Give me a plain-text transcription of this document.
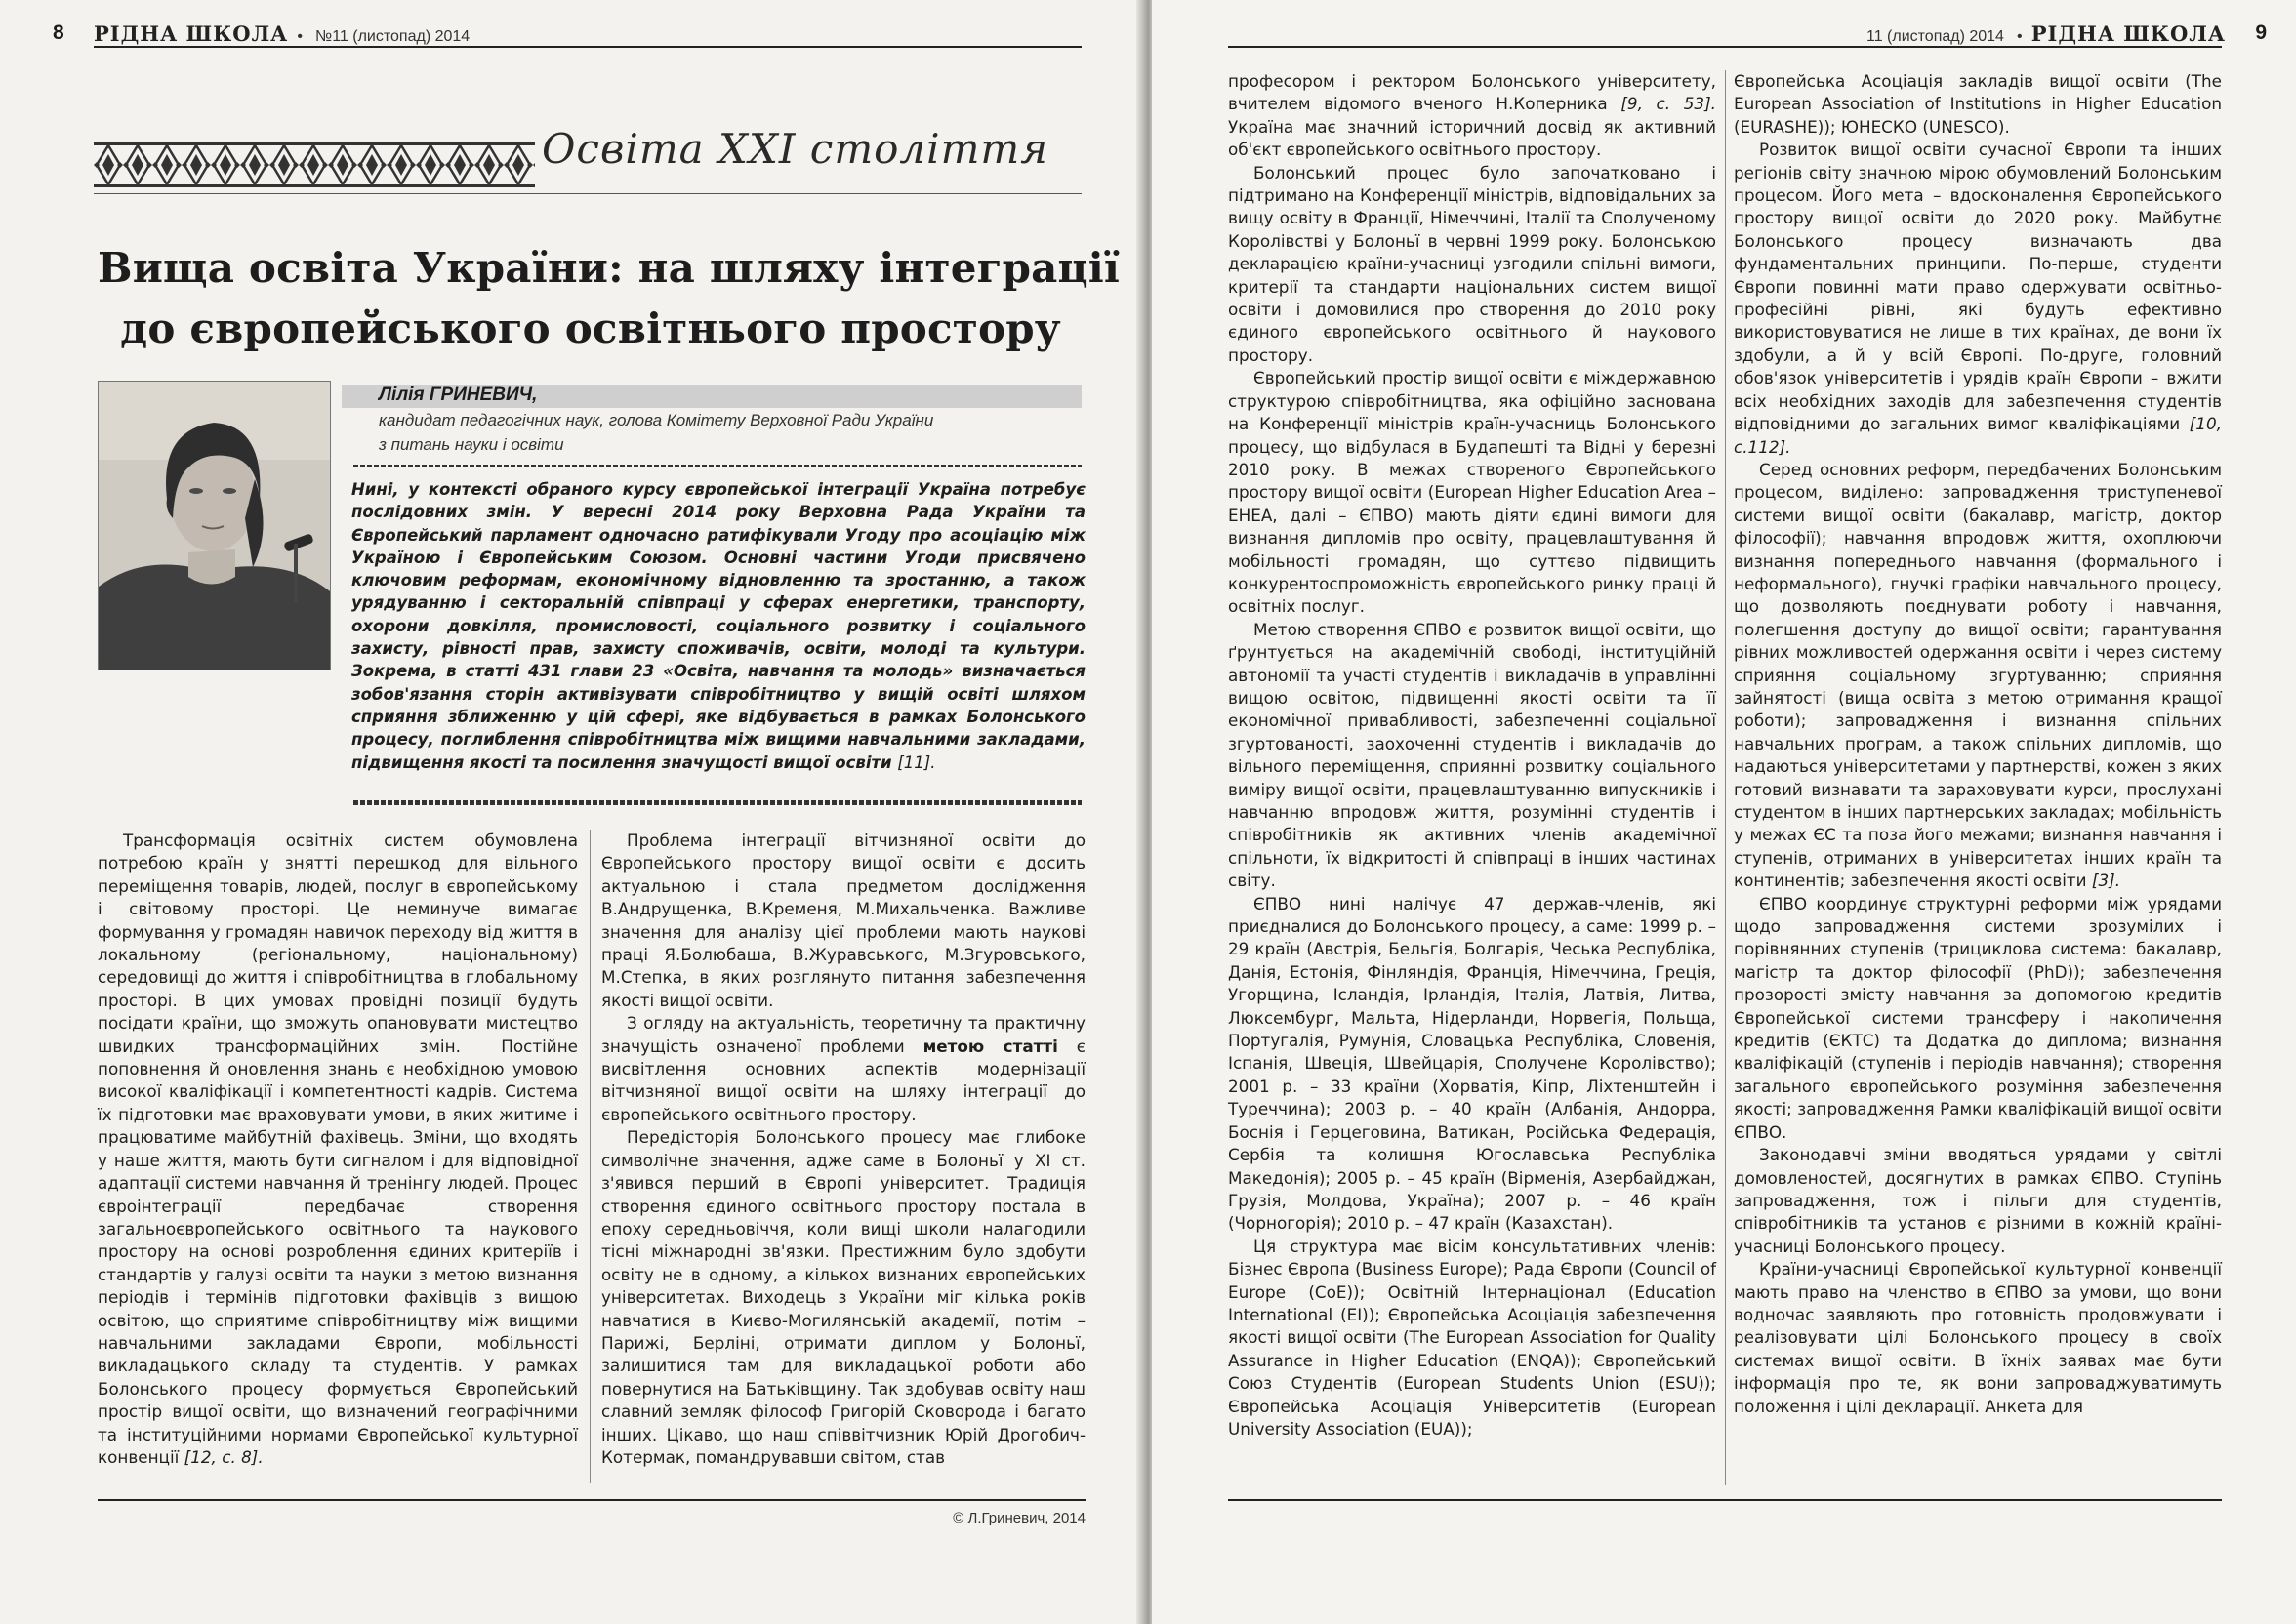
8 РІДНА ШКОЛА • №11 (листопад) 2014
Освіта ХХІ століття
Вища освіта України: на шляху інтеграції
до європейського освітнього простору
Лілія ГРИНЕВИЧ,
кандидат педагогічних наук, голова Комітету Верховної Ради України
з питань науки і освіти
Нині, у контексті обраного курсу європейської інтеграції Україна потребує послідовних змін. У вересні 2014 року Верховна Рада України та Європейський парламент одночасно ратифікували Угоду про асоціацію між Україною і Європейським Союзом. Основні частини Угоди присвячено ключовим реформам, економічному відновленню та зростанню, а також урядуванню і секторальній співпраці у сферах енергетики, транспорту, охорони довкілля, промисловості, соціального розвитку і соціального захисту, рівності прав, захисту споживачів, освіти, молоді та культури. Зокрема, в статті 431 глави 23 «Освіта, навчання та молодь» визначається зобов'язання сторін активізувати співробітництво у вищій освіті шляхом сприяння зближенню у цій сфері, яке відбувається в рамках Болонського процесу, поглиблення співробітництва між вищими навчальними закладами, підвищення якості та посилення значущості вищої освіти [11].

Трансформація освітніх систем обумовлена потребою країн у знятті перешкод для вільного переміщення товарів, людей, послуг в європейському і світовому просторі. Це неминуче вимагає формування у громадян навичок переходу від життя в локальному (регіональному, національному) середовищі до життя і співробітництва в глобальному просторі. В цих умовах провідні позиції будуть посідати країни, що зможуть опановувати мистецтво швидких трансформаційних змін. Постійне поповнення й оновлення знань є необхідною умовою високої кваліфікації і компетентності кадрів. Система їх підготовки має враховувати умови, в яких житиме і працюватиме майбутній фахівець. Зміни, що входять у наше життя, мають бути сигналом і для відповідної адаптації системи навчання й тренінгу людей. Процес євроінтеграції передбачає створення загальноєвропейського освітнього та наукового простору на основі розроблення єдиних критеріїв і стандартів у галузі освіти та науки з метою визнання періодів і термінів підготовки фахівців з вищою освітою, що сприятиме співробітництву між вищими навчальними закладами Європи, мобільності викладацького складу та студентів. У рамках Болонського процесу формується Європейський простір вищої освіти, що визначений географічними та інституційними нормами Європейської культурної конвенції [12, с. 8].

Проблема інтеграції вітчизняної освіти до Європейського простору вищої освіти є досить актуальною і стала предметом дослідження В.Андрущенка, В.Кременя, М.Михальченка. Важливе значення для аналізу цієї проблеми мають наукові праці Я.Болюбаша, В.Журавського, М.Згуровського, М.Степка, в яких розглянуто питання забезпечення якості вищої освіти.

З огляду на актуальність, теоретичну та практичну значущість означеної проблеми метою статті є висвітлення основних аспектів модернізації вітчизняної вищої освіти на шляху інтеграції до європейського освітнього простору.

Передісторія Болонського процесу має глибоке символічне значення, адже саме в Болоньї у ХІ ст. з'явився перший в Європі університет. Традиція створення єдиного освітнього простору постала в епоху середньовіччя, коли вищі школи налагодили тісні міжнародні зв'язки. Престижним було здобути освіту не в одному, а кількох визнаних європейських університетах. Виходець з України міг кілька років навчатися в Києво-Могилянській академії, потім – Парижі, Берліні, отримати диплом у Болоньї, залишитися там для викладацької роботи або повернутися на Батьківщину. Так здобував освіту наш славний земляк філософ Григорій Сковорода і багато інших. Цікаво, що наш співвітчизник Юрій Дрогобич-Котермак, помандрувавши світом, став

© Л.Гриневич, 2014
11 (листопад) 2014 • РІДНА ШКОЛА 9

професором і ректором Болонського університету, вчителем відомого вченого Н.Коперника [9, с. 53]. Україна має значний історичний досвід як активний об'єкт європейського освітнього простору.

Болонський процес було започатковано і підтримано на Конференції міністрів, відповідальних за вищу освіту в Франції, Німеччині, Італії та Сполученому Королівстві у Болоньї в червні 1999 року. Болонською декларацією країни-учасниці узгодили спільні вимоги, критерії та стандарти національних систем вищої освіти і домовилися про створення до 2010 року єдиного європейського освітнього й наукового простору.

Європейський простір вищої освіти є міждержавною структурою співробітництва, яка офіційно заснована на Конференції міністрів країн-учасниць Болонського процесу, що відбулася в Будапешті та Відні у березні 2010 року. В межах створеного Європейського простору вищої освіти (European Higher Education Area – EHEA, далі – ЄПВО) мають діяти єдині вимоги для визнання дипломів про освіту, працевлаштування й мобільності громадян, що суттєво підвищить конкурентоспроможність європейського ринку праці й освітніх послуг.

Метою створення ЄПВО є розвиток вищої освіти, що ґрунтується на академічній свободі, інституційній автономії та участі студентів і викладачів в управлінні вищою освітою, підвищенні якості освіти та її економічної привабливості, забезпеченні соціальної згуртованості, заохоченні студентів і викладачів до вільного переміщення, сприянні розвитку соціального виміру вищої освіти, працевлаштуванню випускників і навчанню впродовж життя, розумінні студентів і співробітників як активних членів академічної спільноти, їх відкритості й співпраці в інших частинах світу.

ЄПВО нині налічує 47 держав-членів, які приєдналися до Болонського процесу, а саме: 1999 р. – 29 країн (Австрія, Бельгія, Болгарія, Чеська Республіка, Данія, Естонія, Фінляндія, Франція, Німеччина, Греція, Угорщина, Ісландія, Ірландія, Італія, Латвія, Литва, Люксембург, Мальта, Нідерланди, Норвегія, Польща, Португалія, Румунія, Словацька Республіка, Словенія, Іспанія, Швеція, Швейцарія, Сполучене Королівство); 2001 р. – 33 країни (Хорватія, Кіпр, Ліхтенштейн і Туреччина); 2003 р. – 40 країн (Албанія, Андорра, Боснія і Герцеговина, Ватикан, Російська Федерація, Сербія та колишня Югославська Республіка Македонія); 2005 р. – 45 країн (Вірменія, Азербайджан, Грузія, Молдова, Україна); 2007 р. – 46 країн (Чорногорія); 2010 р. – 47 країн (Казахстан).

Ця структура має вісім консультативних членів: Бізнес Європа (Business Europe); Рада Європи (Council of Europe (CoE)); Освітній Інтернаціонал (Education International (EI)); Європейська Асоціація забезпечення якості вищої освіти (The European Association for Quality Assurance in Higher Education (ENQA)); Європейський Союз Студентів (European Students Union (ESU)); Європейська Асоціація Університетів (European University Association (EUA));

Європейська Асоціація закладів вищої освіти (The European Association of Institutions in Higher Education (EURASHE)); ЮНЕСКО (UNESCO).

Розвиток вищої освіти сучасної Європи та інших регіонів світу значною мірою обумовлений Болонським процесом. Його мета – вдосконалення Європейського простору вищої освіти до 2020 року. Майбутнє Болонського процесу визначають два фундаментальних принципи. По-перше, студенти Європи повинні мати право одержувати освітньо-професійні рівні, які будуть ефективно використовуватися не лише в тих країнах, де вони їх здобули, а й у всій Європі. По-друге, головний обов'язок університетів і урядів країн Європи – вжити всіх необхідних заходів для забезпечення студентів відповідними до загальних вимог кваліфікаціями [10, с.112].

Серед основних реформ, передбачених Болонським процесом, виділено: запровадження триступеневої системи вищої освіти (бакалавр, магістр, доктор філософії); навчання впродовж життя, охоплюючи визнання попереднього навчання (формального і неформального), гнучкі графіки навчального процесу, що дозволяють поєднувати роботу і навчання, полегшення доступу до вищої освіти; гарантування рівних можливостей одержання освіти і через систему сприяння соціальному згуртуванню; сприяння зайнятості (вища освіта з метою отримання кращої роботи); запровадження і визнання спільних навчальних програм, а також спільних дипломів, що надаються університетами у партнерстві, кожен з яких готовий визнавати та зараховувати курси, прослухані студентом в інших партнерських закладах; мобільність у межах ЄС та поза його межами; визнання навчання і ступенів, отриманих в університетах інших країн та континентів; забезпечення якості освіти [3].

ЄПВО координує структурні реформи між урядами щодо запровадження системи зрозумілих і порівнянних ступенів (трициклова система: бакалавр, магістр та доктор філософії (PhD)); забезпечення прозорості змісту навчання за допомогою кредитів Європейської системи трансферу і накопичення кредитів (ЄКТС) та Додатка до диплома; визнання кваліфікацій (ступенів і періодів навчання); створення загального європейського розуміння забезпечення якості; запровадження Рамки кваліфікацій вищої освіти ЄПВО.

Законодавчі зміни вводяться урядами у світлі домовленостей, досягнутих в рамках ЄПВО. Ступінь запровадження, тож і пільги для студентів, співробітників та установ є різними в кожній країні-учасниці Болонського процесу.

Країни-учасниці Європейської культурної конвенції мають право на членство в ЄПВО за умови, що вони водночас заявляють про готовність продовжувати і реалізовувати цілі Болонського процесу в своїх системах вищої освіти. В їхніх заявах має бути інформація про те, як вони запроваджуватимуть положення і цілі декларації. Анкета для
